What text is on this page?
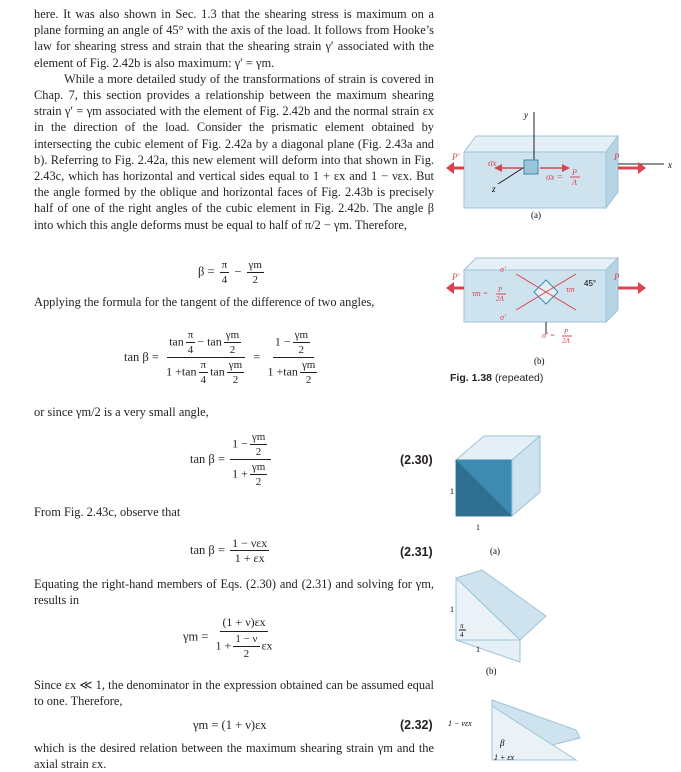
here. It was also shown in Sec. 1.3 that the shearing stress is maximum on a plane forming an angle of 45° with the axis of the load. It follows from Hooke’s law for shearing stress and strain that the shearing strain γ′ associated with the element of Fig. 2.42b is also maximum: γ′ = γm.

While a more detailed study of the transformations of strain is covered in Chap. 7, this section provides a relationship between the maximum shearing strain γ′ = γm associated with the element of Fig. 2.42b and the normal strain εx in the direction of the load. Consider the prismatic element obtained by intersecting the cubic element of Fig. 2.42a by a diagonal plane (Fig. 2.43a and b). Referring to Fig. 2.42a, this new element will deform into that shown in Fig. 2.43c, which has horizontal and vertical sides equal to 1 + εx and 1 − νεx. But the angle formed by the oblique and horizontal faces of Fig. 2.43b is precisely half of one of the right angles of the cubic element in Fig. 2.42b. The angle β into which this angle deforms must be equal to half of π/2 − γm. Therefore,

$\beta = \frac{\pi}{4} - \frac{\gamma m}{2}$

Applying the formula for the tangent of the difference of two angles,

$\tan \beta = \frac{\tan \frac{\pi}{4} - \tan \frac{\gamma m}{2}}{1 +\tan \frac{\pi}{4} \tan \frac{\gamma m}{2}} = \frac{1 - \frac{\gamma m}{2}}{1 +\tan \frac{\gamma m}{2}}$

or since γm/2 is a very small angle,

$\tan \beta = \frac{1 - \frac{\gamma m}{2}}{1 + \frac{\gamma m}{2}}$	(2.30)

From Fig. 2.43c, observe that

$\tan \beta = \frac{\text{1 − νεx}}{1 + \varepsilon x}$	(2.31)

Equating the right-hand members of Eqs. (2.30) and (2.31) and solving for γm, results in

$\gamma m = \frac{(1 + \nu)\varepsilon x}{1 + \frac{1 - \nu}{2} \varepsilon x}$

Since εx ≪ 1, the denominator in the expression obtained can be assumed equal to one. Therefore,

γm = (1 + ν)εx	(2.32)

which is the desired relation between the maximum shearing strain γm and the axial strain εx.

y
x
z
σx
σx = P
A
P′	P
(a)
P′	P
σ′
σ′
τm = P
2A
τm
45°
σ′ = P
2A
(b)
Fig. 1.38 (repeated)
1
1
(a)
1
1
π
4
(b)
1 − νεx
β
1 + εx
